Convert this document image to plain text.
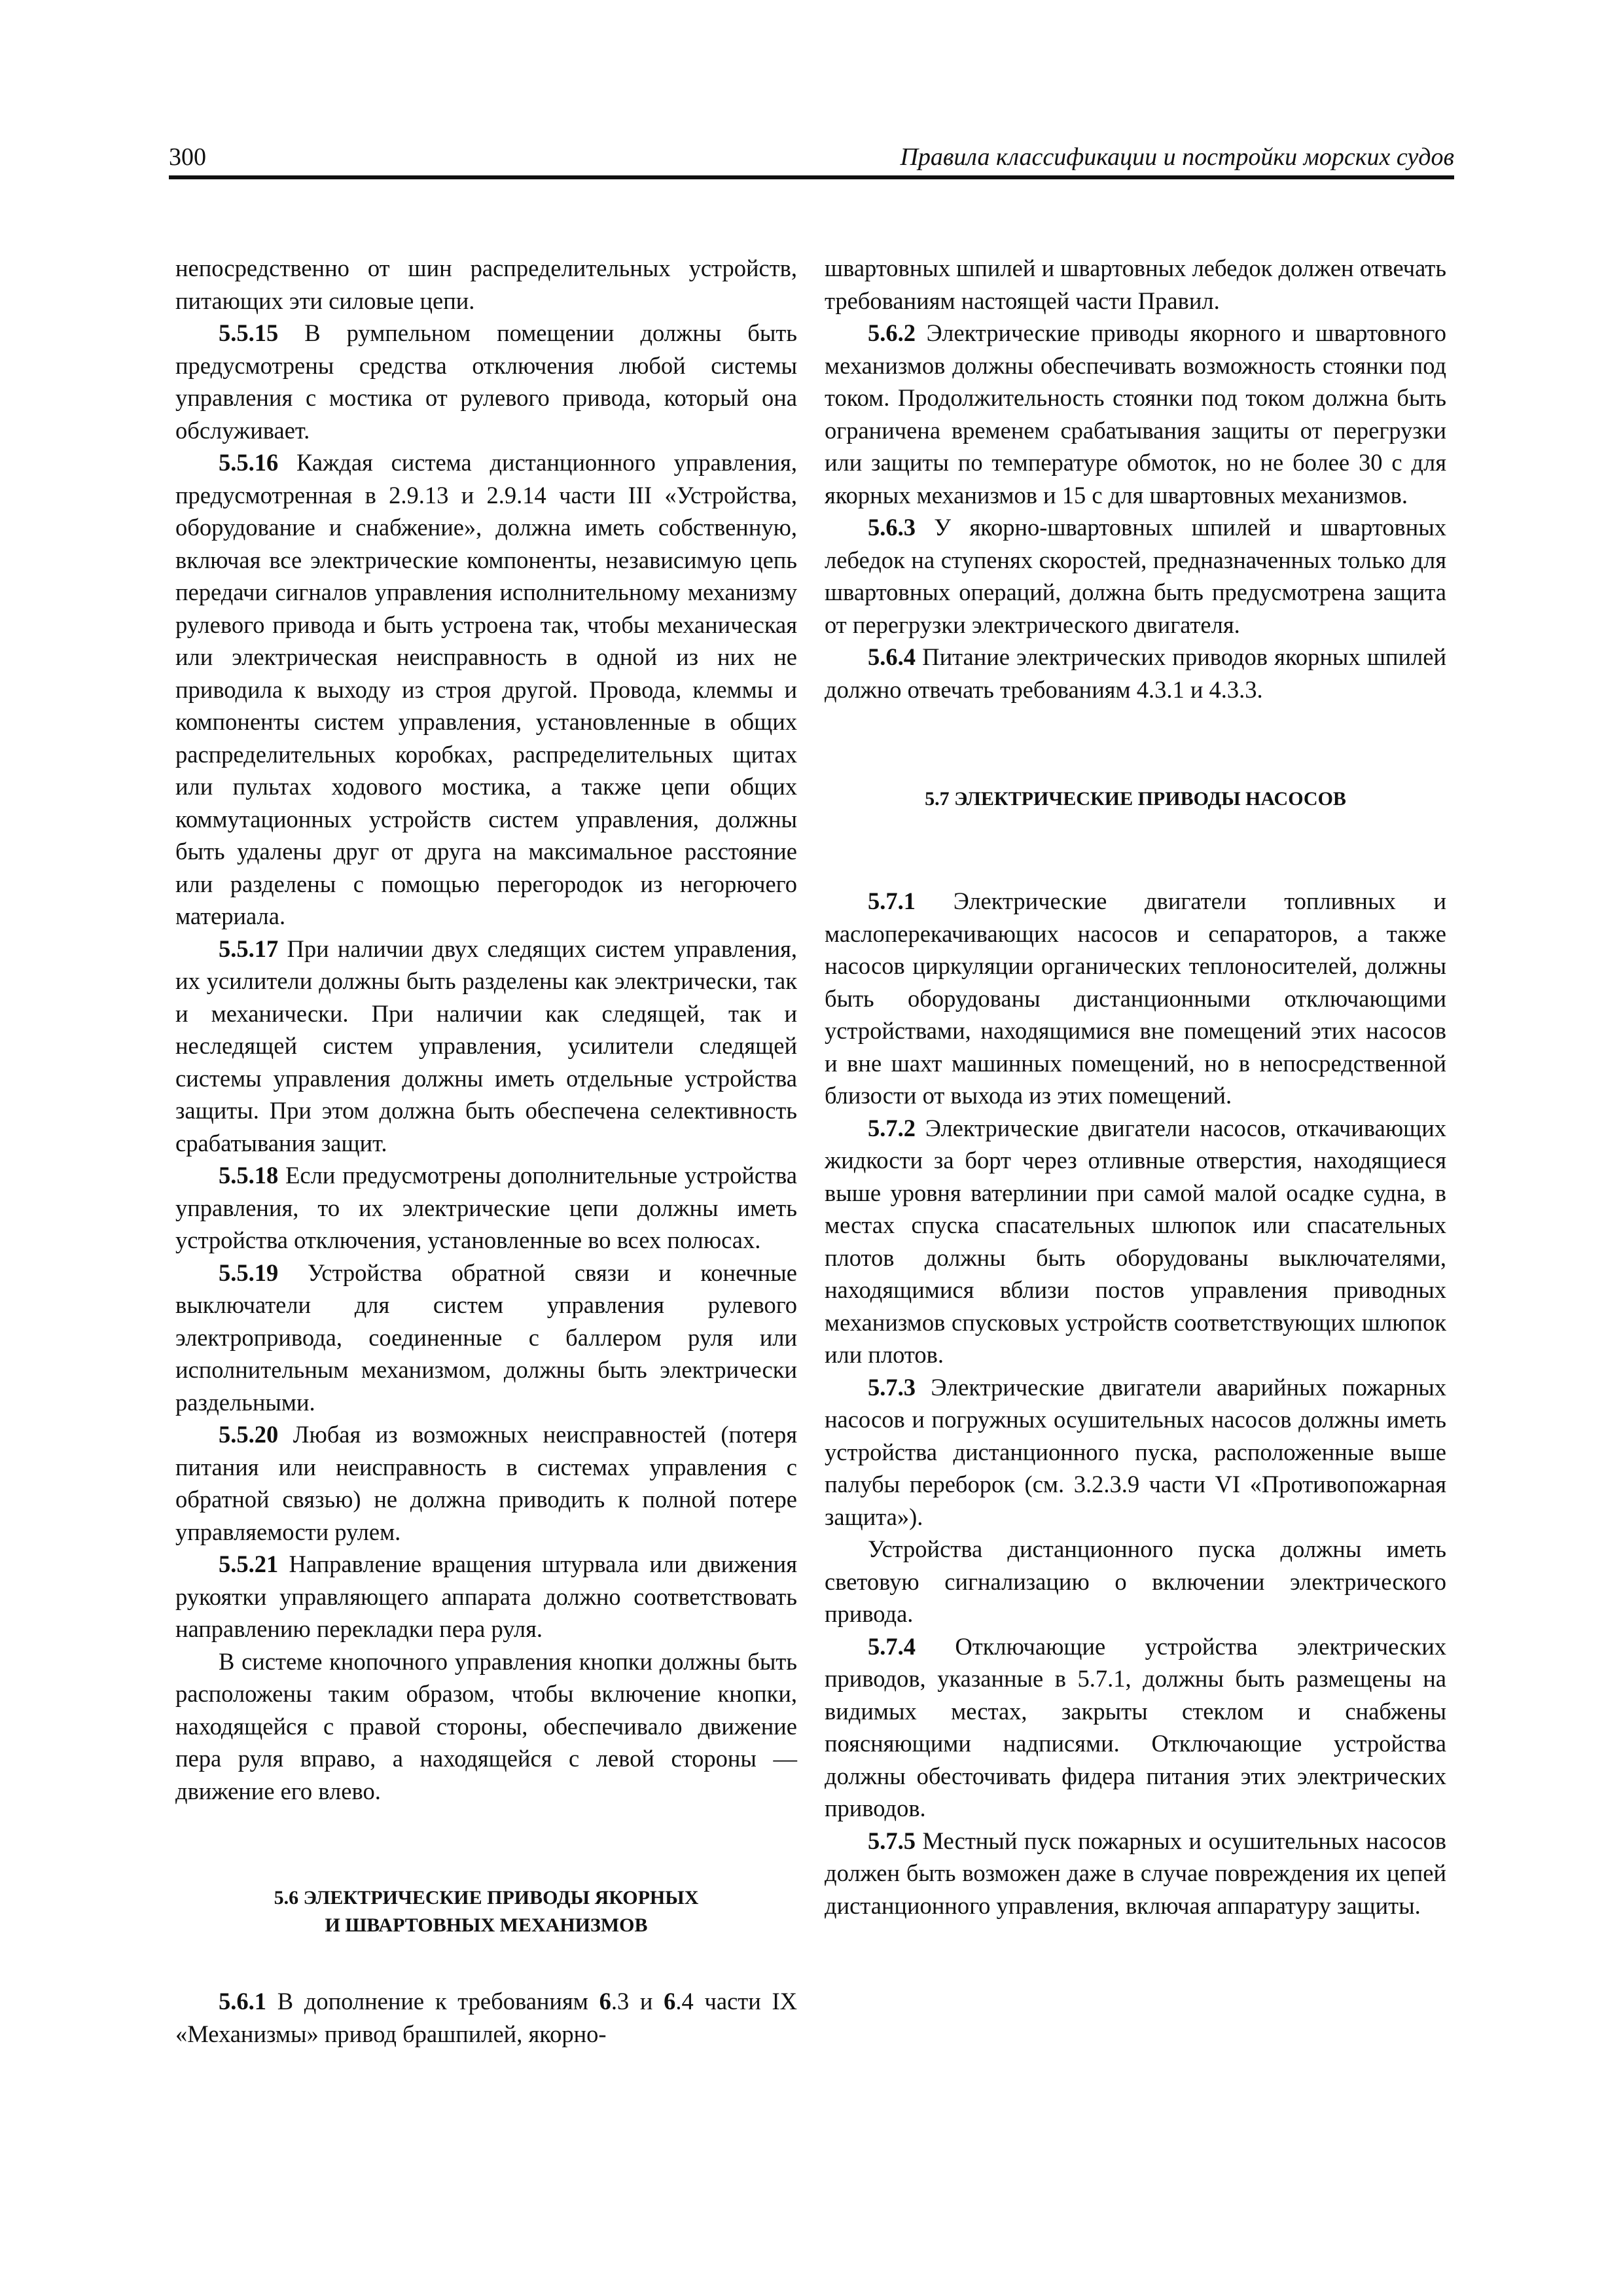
300	Правила классификации и постройки морских судов

непосредственно от шин распределительных устройств, питающих эти силовые цепи.

5.5.15 В румпельном помещении должны быть предусмотрены средства отключения любой системы управления с мостика от рулевого привода, который она обслуживает.

5.5.16 Каждая система дистанционного управления, предусмотренная в 2.9.13 и 2.9.14 части III «Устройства, оборудование и снабжение», должна иметь собственную, включая все электрические компоненты, независимую цепь передачи сигналов управления исполнительному механизму рулевого привода и быть устроена так, чтобы механическая или электрическая неисправность в одной из них не приводила к выходу из строя другой. Провода, клеммы и компоненты систем управления, установленные в общих распределительных коробках, распределительных щитах или пультах ходового мостика, а также цепи общих коммутационных устройств систем управления, должны быть удалены друг от друга на максимальное расстояние или разделены с помощью перегородок из негорючего материала.

5.5.17 При наличии двух следящих систем управления, их усилители должны быть разделены как электрически, так и механически. При наличии как следящей, так и неследящей систем управления, усилители следящей системы управления должны иметь отдельные устройства защиты. При этом должна быть обеспечена селективность срабатывания защит.

5.5.18 Если предусмотрены дополнительные устройства управления, то их электрические цепи должны иметь устройства отключения, установленные во всех полюсах.

5.5.19 Устройства обратной связи и конечные выключатели для систем управления рулевого электропривода, соединенные с баллером руля или исполнительным механизмом, должны быть электрически раздельными.

5.5.20 Любая из возможных неисправностей (потеря питания или неисправность в системах управления с обратной связью) не должна приводить к полной потере управляемости рулем.

5.5.21 Направление вращения штурвала или движения рукоятки управляющего аппарата должно соответствовать направлению перекладки пера руля.

В системе кнопочного управления кнопки должны быть расположены таким образом, чтобы включение кнопки, находящейся с правой стороны, обеспечивало движение пера руля вправо, а находящейся с левой стороны — движение его влево.

5.6 ЭЛЕКТРИЧЕСКИЕ ПРИВОДЫ ЯКОРНЫХ
И ШВАРТОВНЫХ МЕХАНИЗМОВ

5.6.1 В дополнение к требованиям 6.3 и 6.4 части IX «Механизмы» привод брашпилей, якорно-

швартовных шпилей и швартовных лебедок должен отвечать требованиям настоящей части Правил.

5.6.2 Электрические приводы якорного и швартовного механизмов должны обеспечивать возможность стоянки под током. Продолжительность стоянки под током должна быть ограничена временем срабатывания защиты от перегрузки или защиты по температуре обмоток, но не более 30 с для якорных механизмов и 15 с для швартовных механизмов.

5.6.3 У якорно-швартовных шпилей и швартовных лебедок на ступенях скоростей, предназначенных только для швартовных операций, должна быть предусмотрена защита от перегрузки электрического двигателя.

5.6.4 Питание электрических приводов якорных шпилей должно отвечать требованиям 4.3.1 и 4.3.3.

5.7 ЭЛЕКТРИЧЕСКИЕ ПРИВОДЫ НАСОСОВ

5.7.1 Электрические двигатели топливных и маслоперекачивающих насосов и сепараторов, а также насосов циркуляции органических теплоносителей, должны быть оборудованы дистанционными отключающими устройствами, находящимися вне помещений этих насосов и вне шахт машинных помещений, но в непосредственной близости от выхода из этих помещений.

5.7.2 Электрические двигатели насосов, откачивающих жидкости за борт через отливные отверстия, находящиеся выше уровня ватерлинии при самой малой осадке судна, в местах спуска спасательных шлюпок или спасательных плотов должны быть оборудованы выключателями, находящимися вблизи постов управления приводных механизмов спусковых устройств соответствующих шлюпок или плотов.

5.7.3 Электрические двигатели аварийных пожарных насосов и погружных осушительных насосов должны иметь устройства дистанционного пуска, расположенные выше палубы переборок (см. 3.2.3.9 части VI «Противопожарная защита»).

Устройства дистанционного пуска должны иметь световую сигнализацию о включении электрического привода.

5.7.4 Отключающие устройства электрических приводов, указанные в 5.7.1, должны быть размещены на видимых местах, закрыты стеклом и снабжены поясняющими надписями. Отключающие устройства должны обесточивать фидера питания этих электрических приводов.

5.7.5 Местный пуск пожарных и осушительных насосов должен быть возможен даже в случае повреждения их цепей дистанционного управления, включая аппаратуру защиты.
